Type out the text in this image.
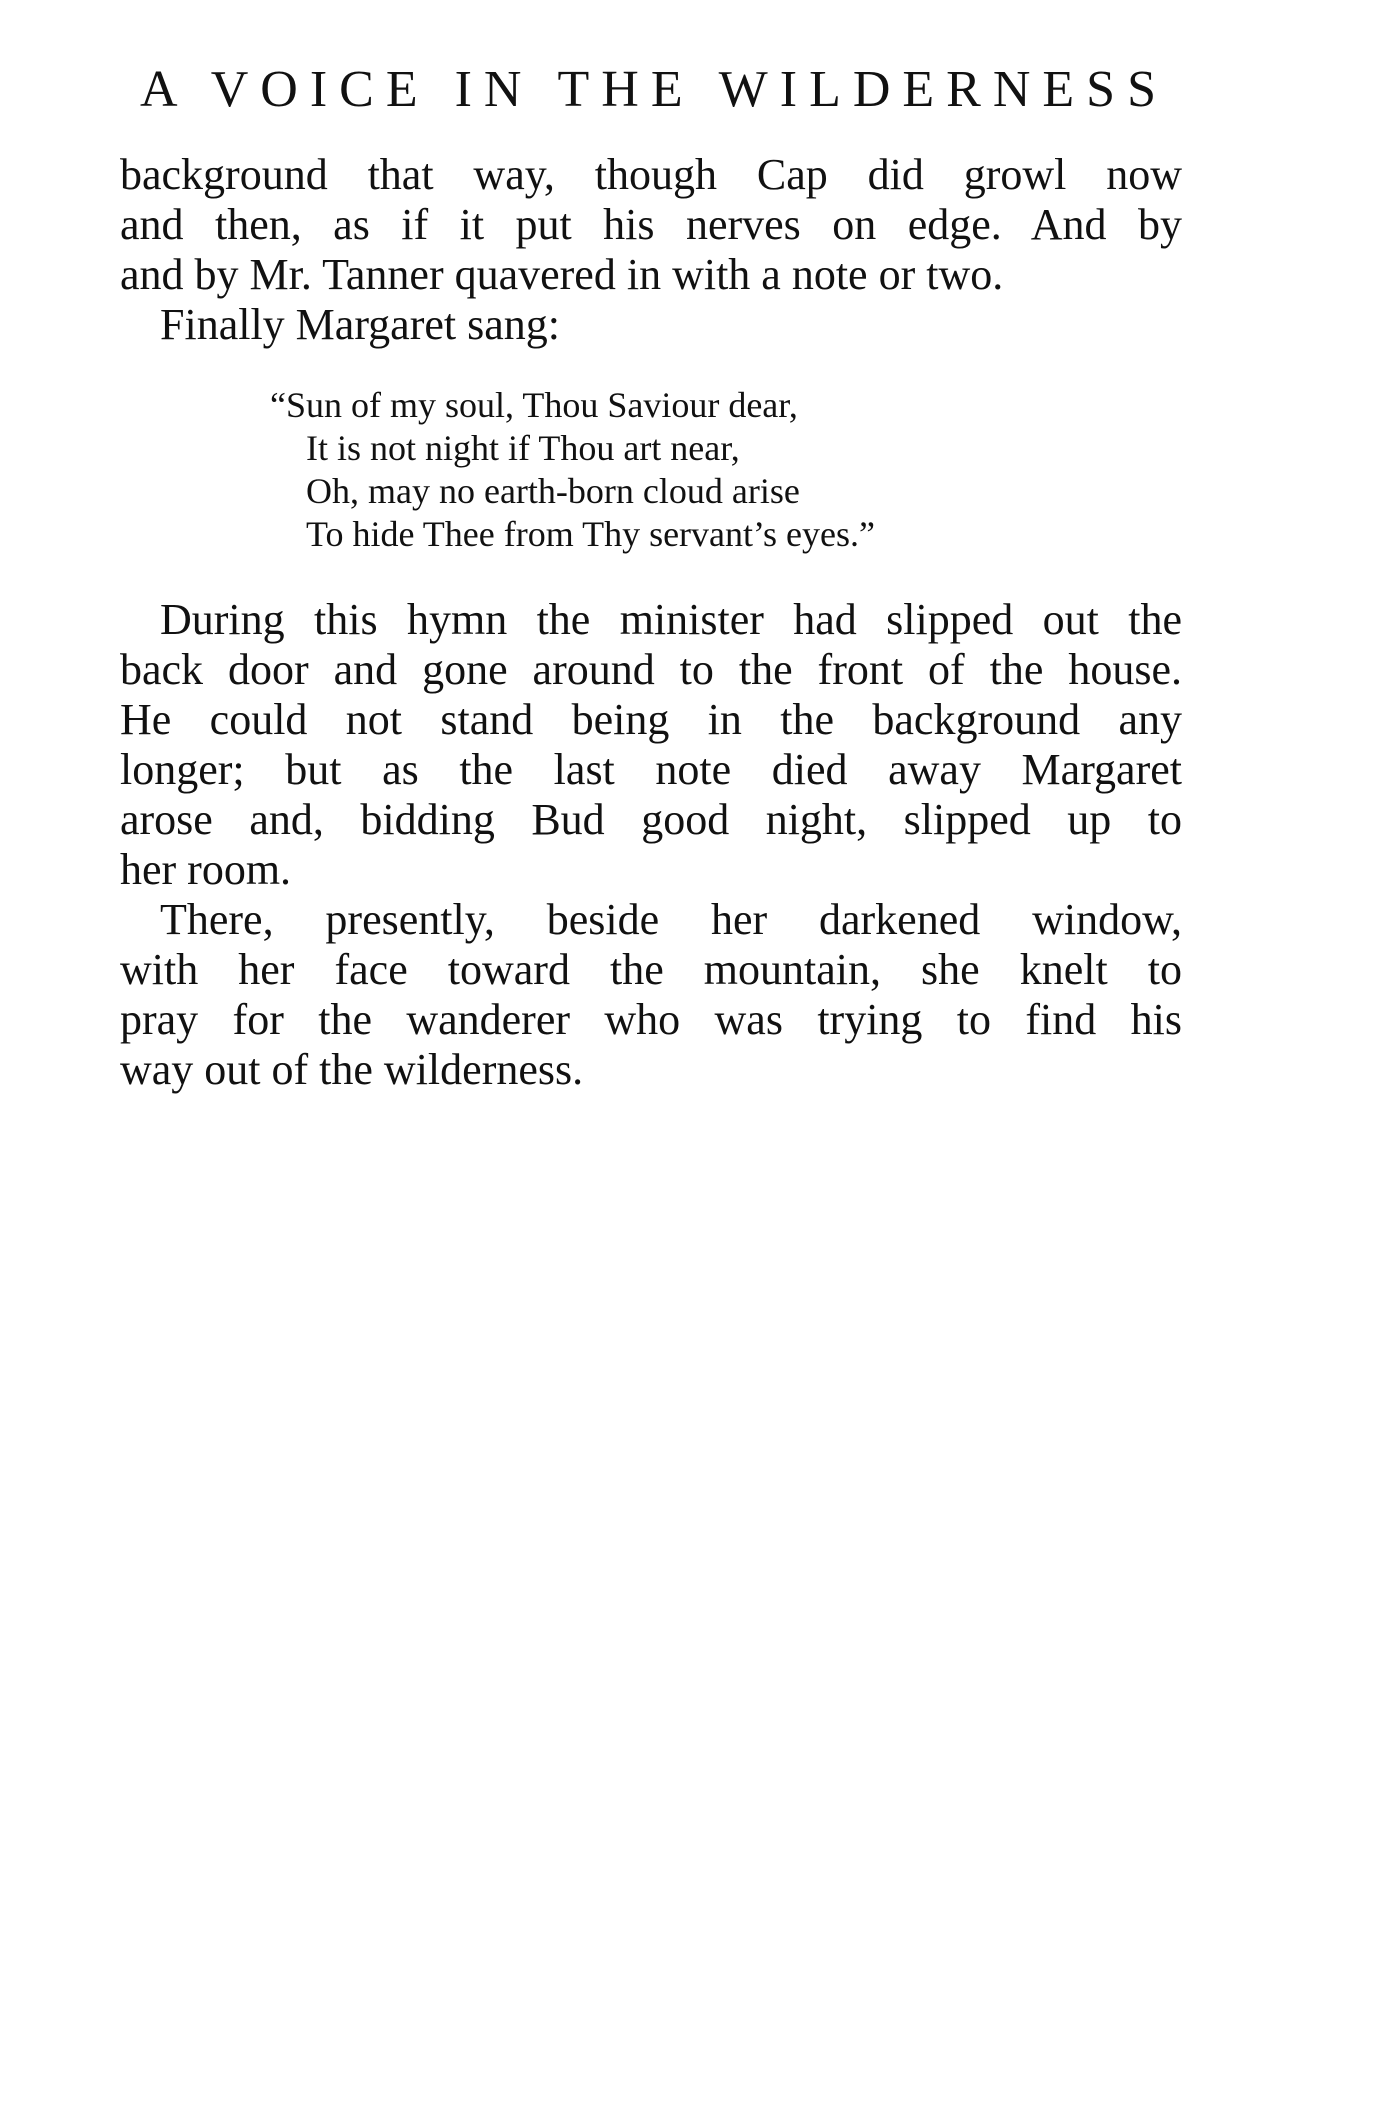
A VOICE IN THE WILDERNESS
background that way, though Cap did growl now
and then, as if it put his nerves on edge. And by
and by Mr. Tanner quavered in with a note or two.
Finally Margaret sang:
“Sun of my soul, Thou Saviour dear,
It is not night if Thou art near,
Oh, may no earth-born cloud arise
To hide Thee from Thy servant’s eyes.”
During this hymn the minister had slipped out the
back door and gone around to the front of the house.
He could not stand being in the background any
longer; but as the last note died away Margaret
arose and, bidding Bud good night, slipped up to
her room.
There, presently, beside her darkened window,
with her face toward the mountain, she knelt to
pray for the wanderer who was trying to find his
way out of the wilderness.
